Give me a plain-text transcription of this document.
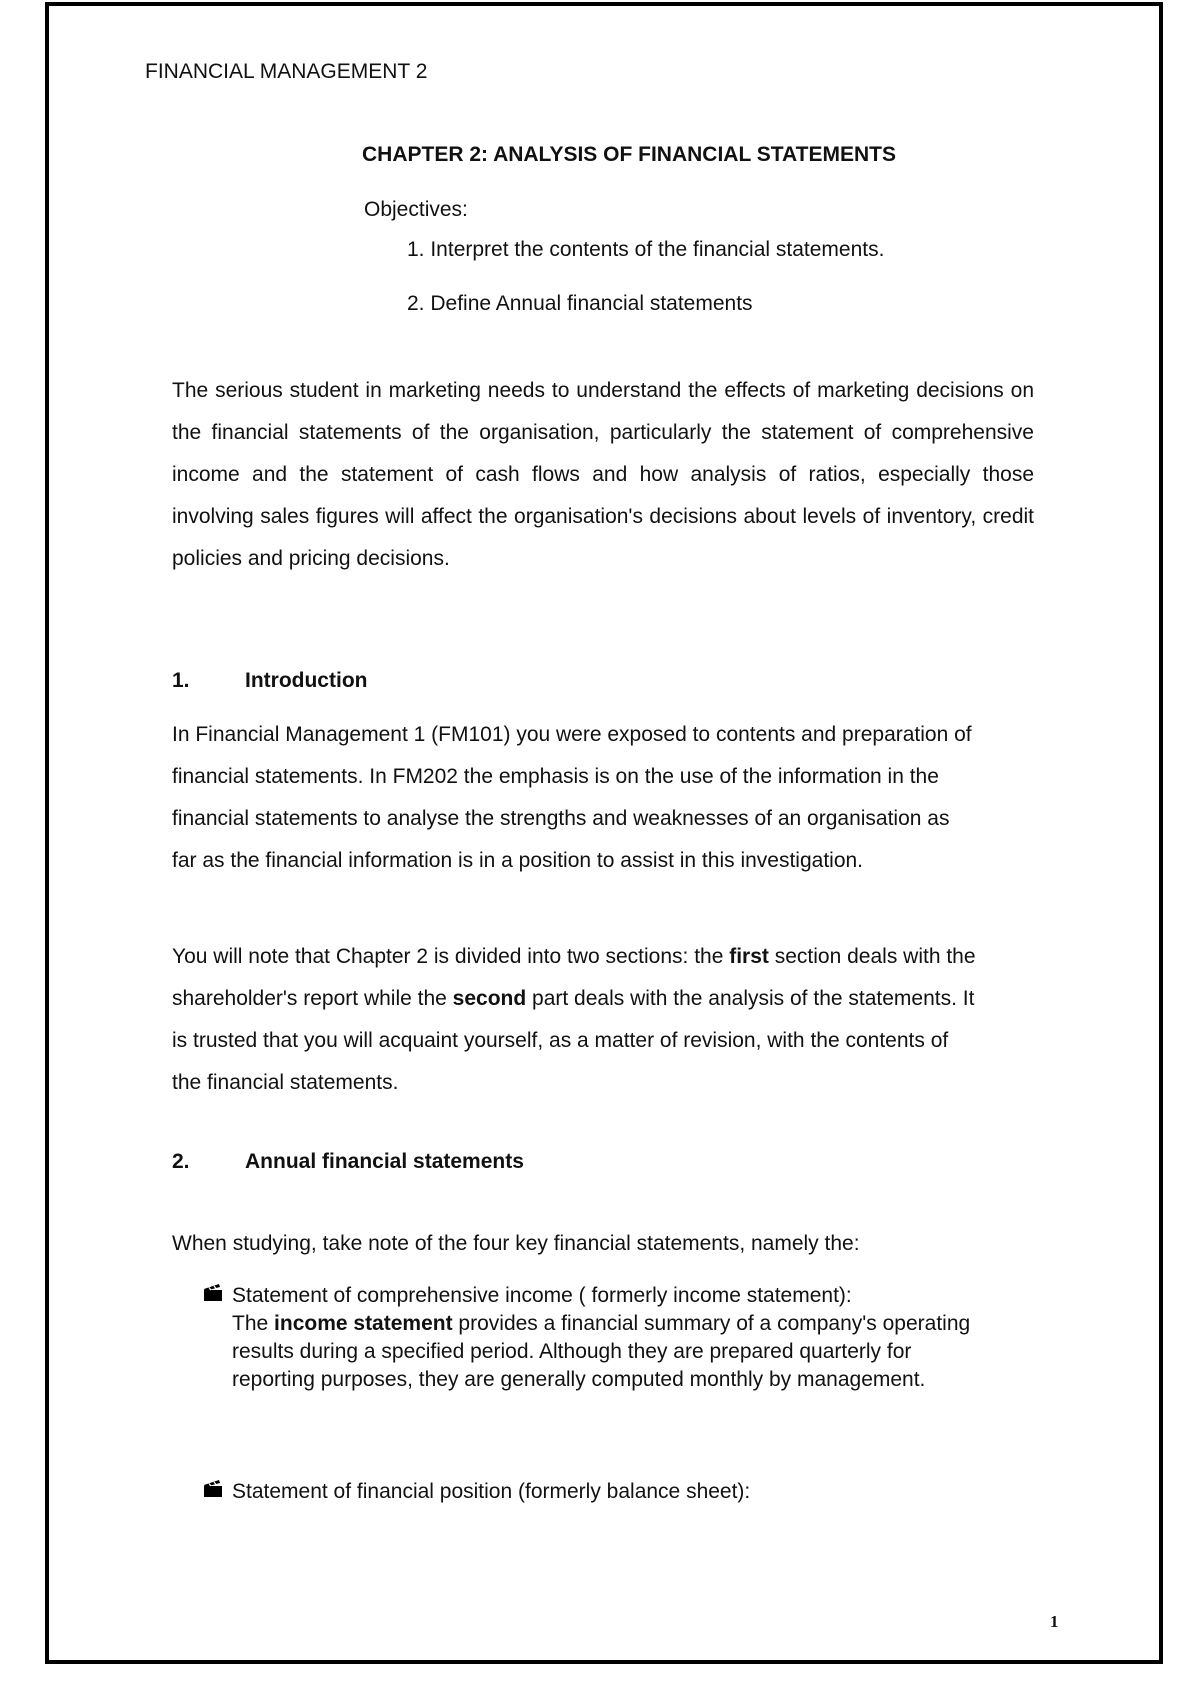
FINANCIAL MANAGEMENT 2
CHAPTER 2: ANALYSIS OF FINANCIAL STATEMENTS
Objectives:
1. Interpret the contents of the financial statements.
2. Define Annual financial statements
The serious student in marketing needs to understand the effects of marketing decisions on the financial statements of the organisation, particularly the statement of comprehensive income and the statement of cash flows and how analysis of ratios, especially those involving sales figures will affect the organisation's decisions about levels of inventory, credit policies and pricing decisions.
1.	Introduction
In Financial Management 1 (FM101) you were exposed to contents and preparation of financial statements. In FM202 the emphasis is on the use of the information in the financial statements to analyse the strengths and weaknesses of an organisation as far as the financial information is in a position to assist in this investigation.
You will note that Chapter 2 is divided into two sections: the first section deals with the shareholder's report while the second part deals with the analysis of the statements. It is trusted that you will acquaint yourself, as a matter of revision, with the contents of the financial statements.
2.	Annual financial statements
When studying, take note of the four key financial statements, namely the:
Statement of comprehensive income ( formerly income statement):
The income statement provides a financial summary of a company's operating results during a specified period. Although they are prepared quarterly for reporting purposes, they are generally computed monthly by management.
Statement of financial position (formerly balance sheet):
1
